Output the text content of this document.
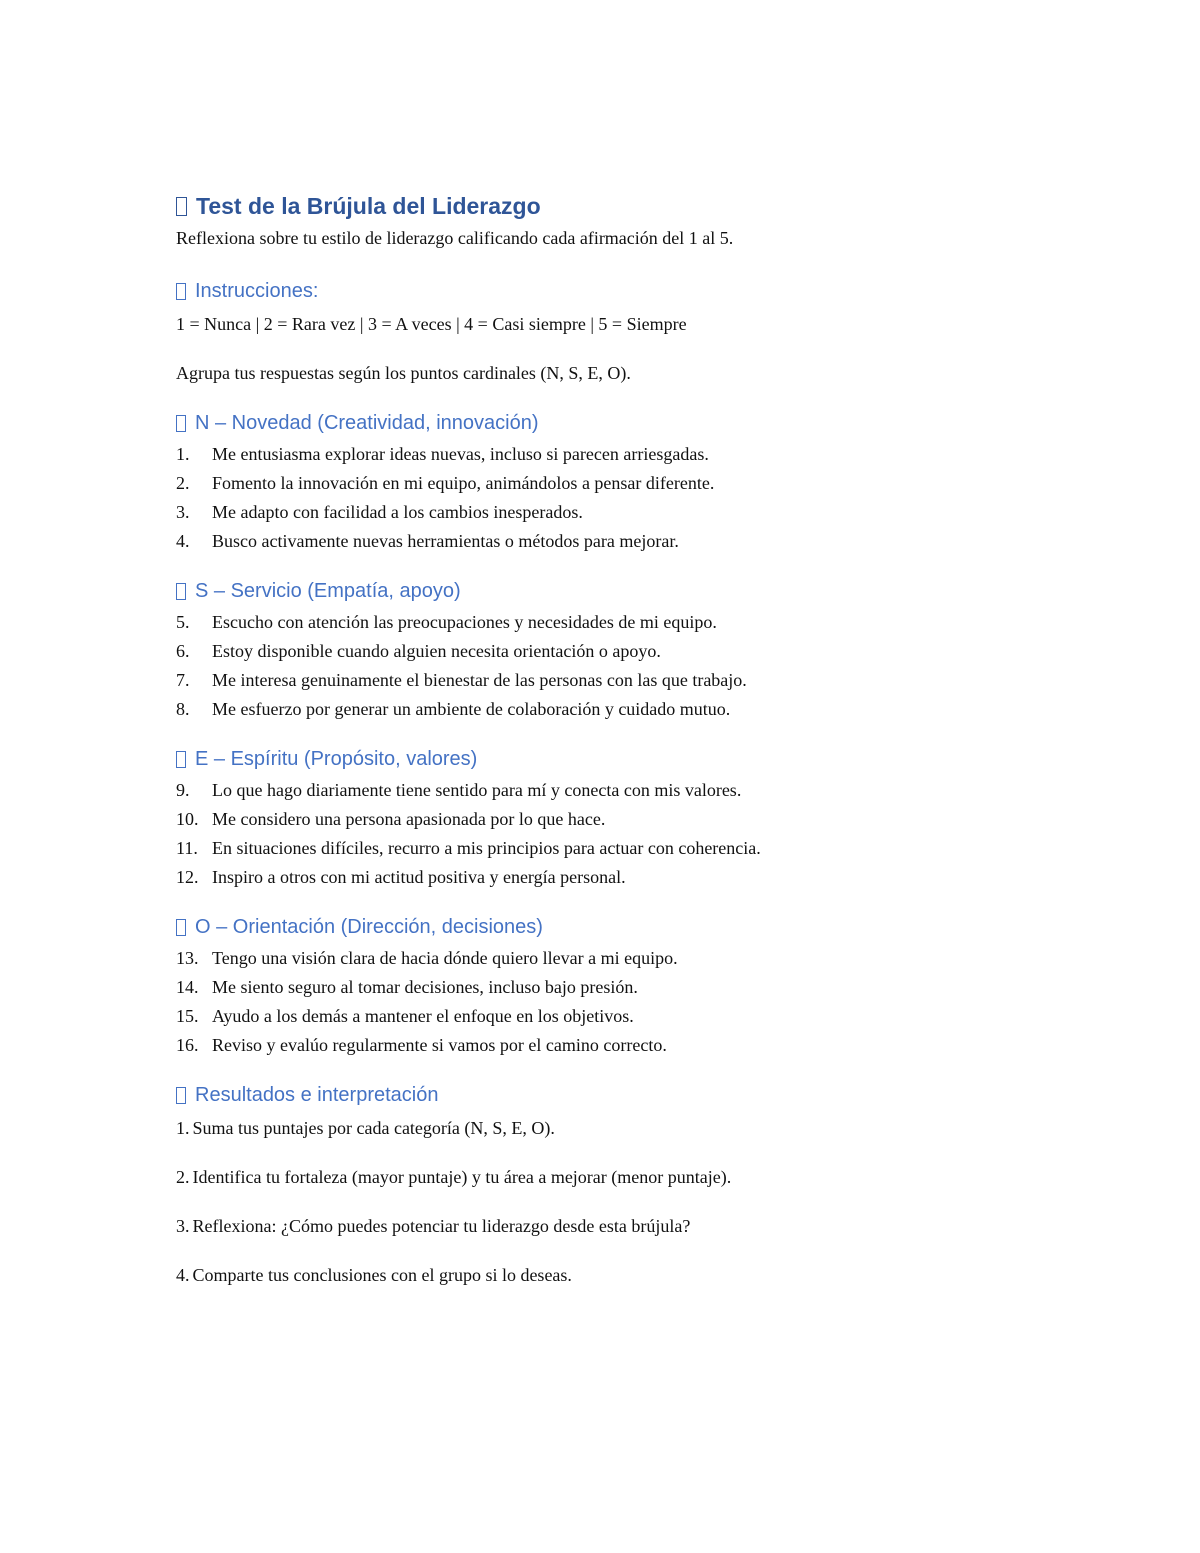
Test de la Brújula del Liderazgo

Reflexiona sobre tu estilo de liderazgo calificando cada afirmación del 1 al 5.

Instrucciones:

1 = Nunca | 2 = Rara vez | 3 = A veces | 4 = Casi siempre | 5 = Siempre

Agrupa tus respuestas según los puntos cardinales (N, S, E, O).

N – Novedad (Creatividad, innovación)
1.	Me entusiasma explorar ideas nuevas, incluso si parecen arriesgadas.
2.	Fomento la innovación en mi equipo, animándolos a pensar diferente.
3.	Me adapto con facilidad a los cambios inesperados.
4.	Busco activamente nuevas herramientas o métodos para mejorar.
S – Servicio (Empatía, apoyo)
5.	Escucho con atención las preocupaciones y necesidades de mi equipo.
6.	Estoy disponible cuando alguien necesita orientación o apoyo.
7.	Me interesa genuinamente el bienestar de las personas con las que trabajo.
8.	Me esfuerzo por generar un ambiente de colaboración y cuidado mutuo.
E – Espíritu (Propósito, valores)
9.	Lo que hago diariamente tiene sentido para mí y conecta con mis valores.
10. Me considero una persona apasionada por lo que hace.
11. En situaciones difíciles, recurro a mis principios para actuar con coherencia.
12. Inspiro a otros con mi actitud positiva y energía personal.
O – Orientación (Dirección, decisiones)
13. Tengo una visión clara de hacia dónde quiero llevar a mi equipo.
14. Me siento seguro al tomar decisiones, incluso bajo presión.
15. Ayudo a los demás a mantener el enfoque en los objetivos.
16. Reviso y evalúo regularmente si vamos por el camino correcto.
Resultados e interpretación

1. Suma tus puntajes por cada categoría (N, S, E, O).

2. Identifica tu fortaleza (mayor puntaje) y tu área a mejorar (menor puntaje).

3. Reflexiona: ¿Cómo puedes potenciar tu liderazgo desde esta brújula?

4. Comparte tus conclusiones con el grupo si lo deseas.
